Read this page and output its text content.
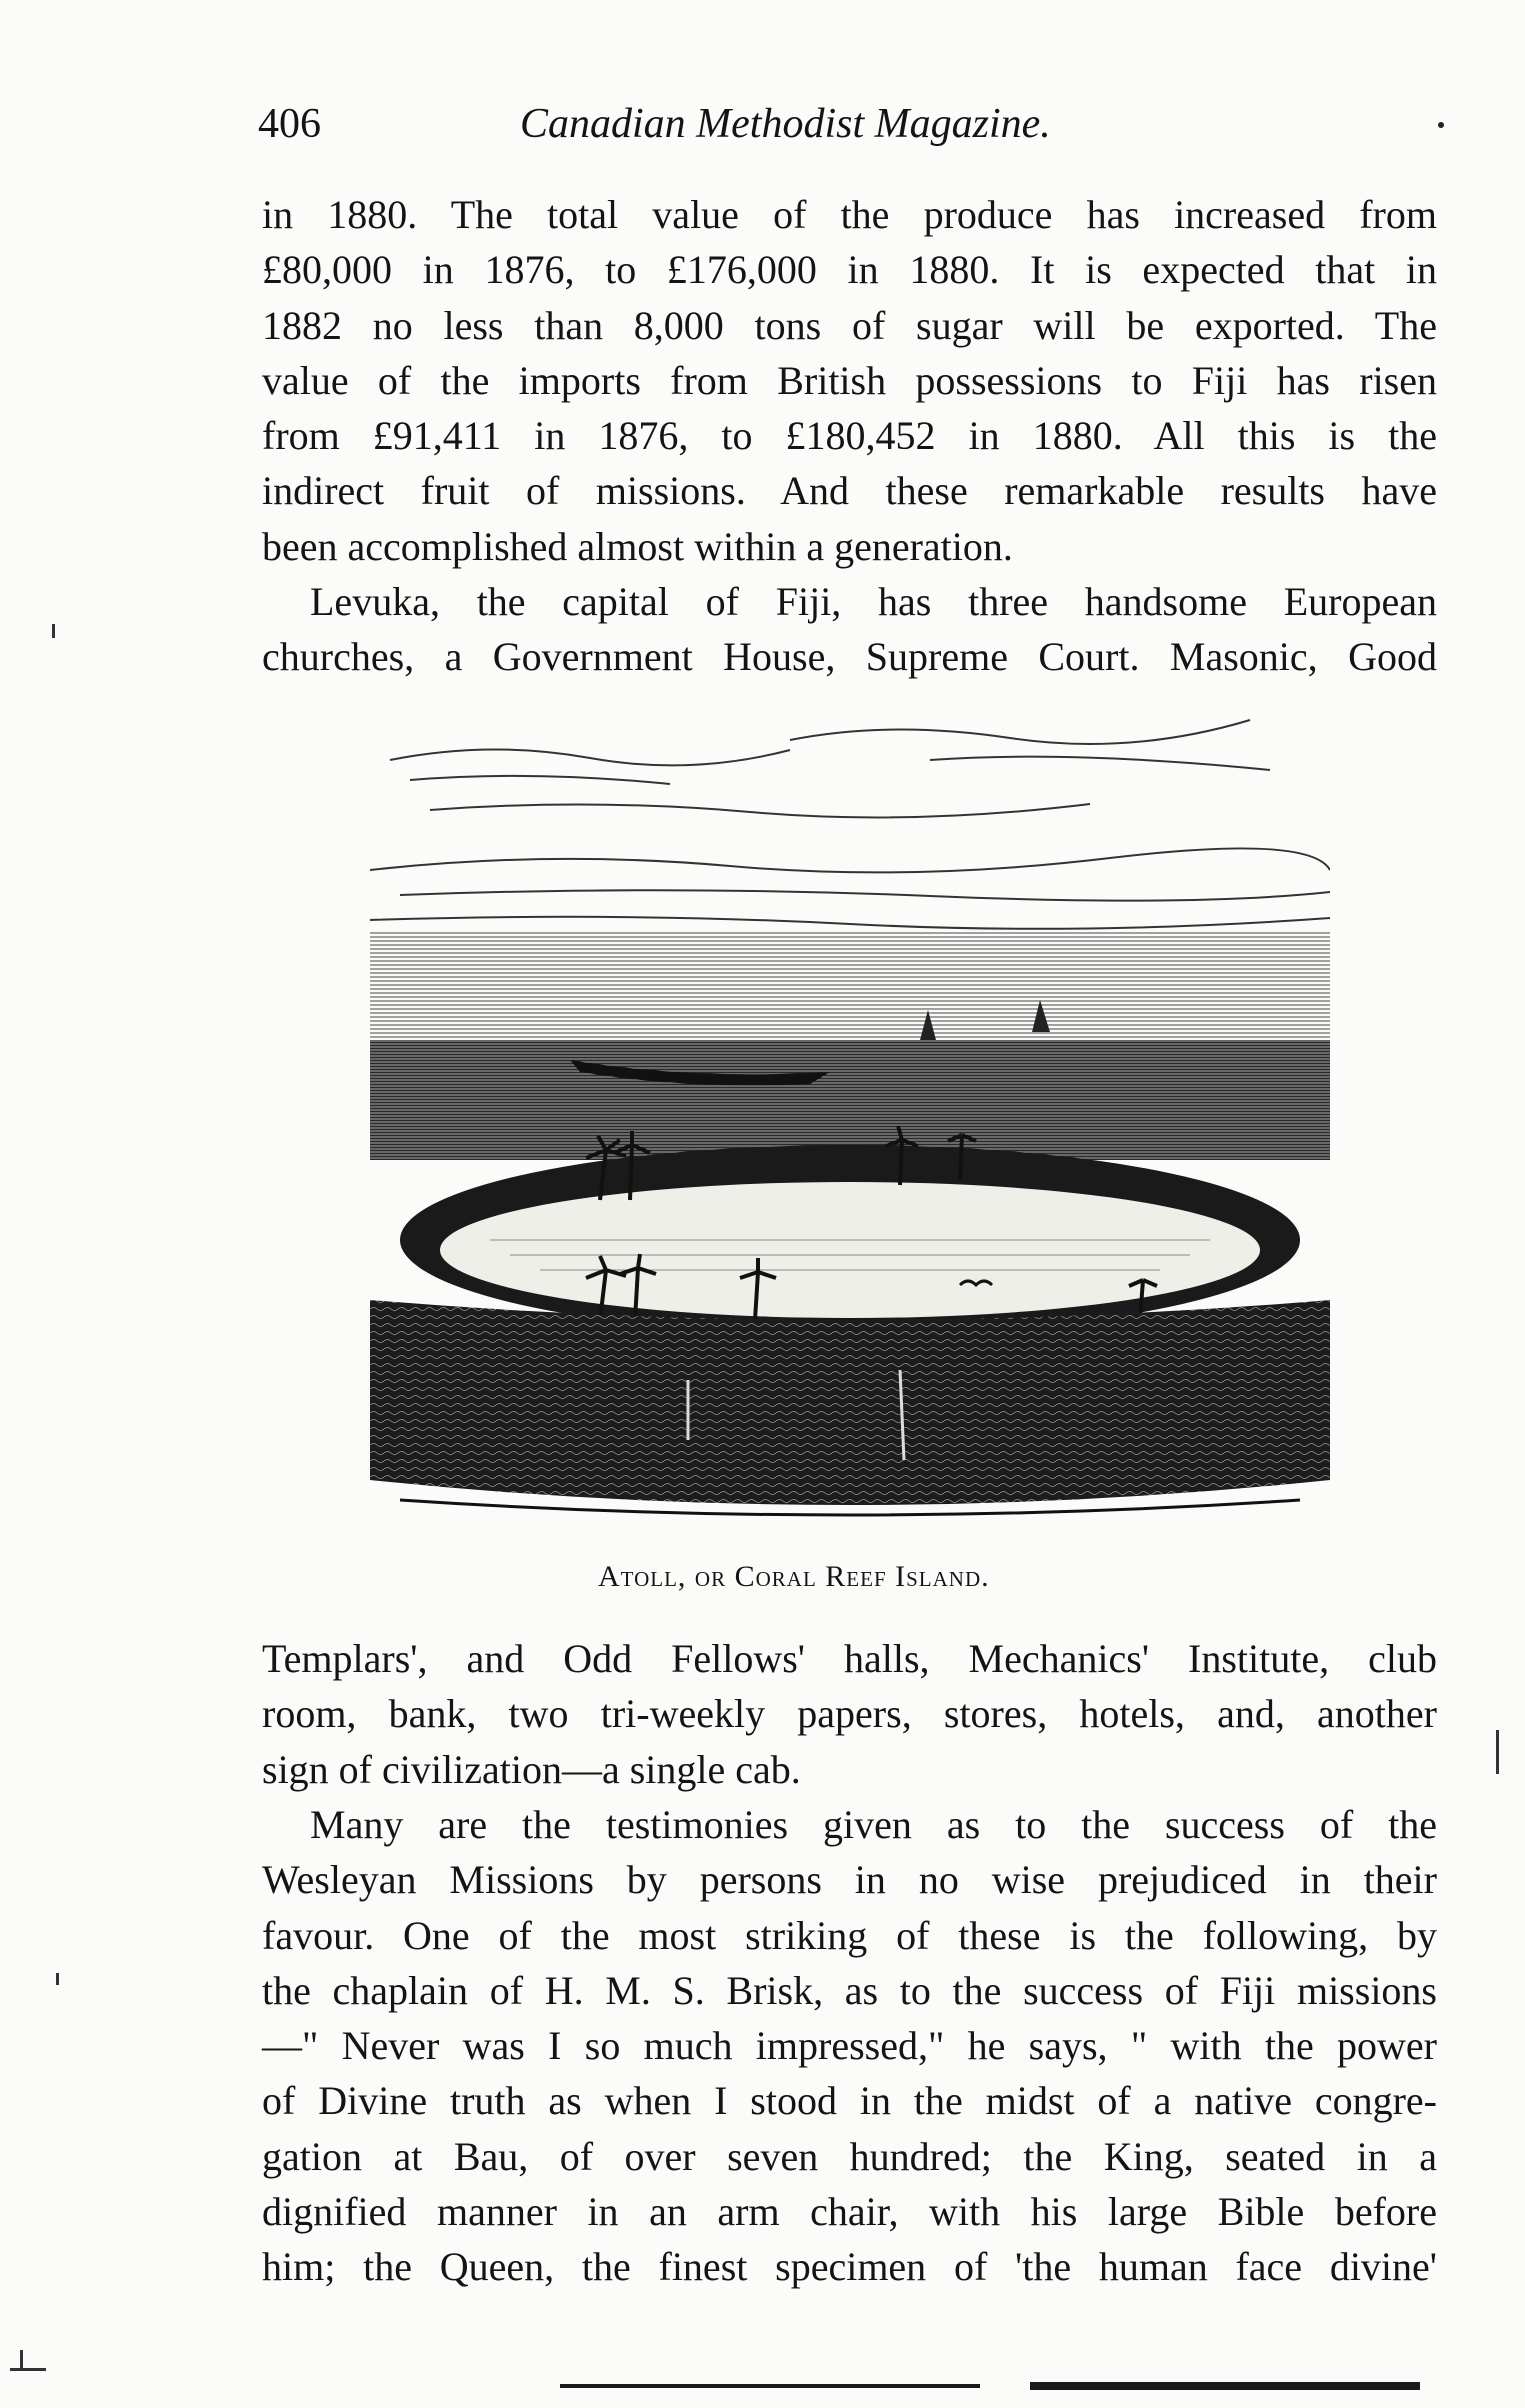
406	Canadian Methodist Magazine.
in 1880. The total value of the produce has increased from
£80,000 in 1876, to £176,000 in 1880. It is expected that in
1882 no less than 8,000 tons of sugar will be exported. The
value of the imports from British possessions to Fiji has risen
from £91,411 in 1876, to £180,452 in 1880. All this is the
indirect fruit of missions. And these remarkable results have
been accomplished almost within a generation.
Levuka, the capital of Fiji, has three handsome European
churches, a Government House, Supreme Court. Masonic, Good
Atoll, or Coral Reef Island.
Templars', and Odd Fellows' halls, Mechanics' Institute, club
room, bank, two tri-weekly papers, stores, hotels, and, another
sign of civilization—a single cab.
Many are the testimonies given as to the success of the
Wesleyan Missions by persons in no wise prejudiced in their
favour. One of the most striking of these is the following, by
the chaplain of H. M. S. Brisk, as to the success of Fiji missions
—" Never was I so much impressed," he says, " with the power
of Divine truth as when I stood in the midst of a native congre-
gation at Bau, of over seven hundred; the King, seated in a
dignified manner in an arm chair, with his large Bible before
him; the Queen, the finest specimen of 'the human face divine'
